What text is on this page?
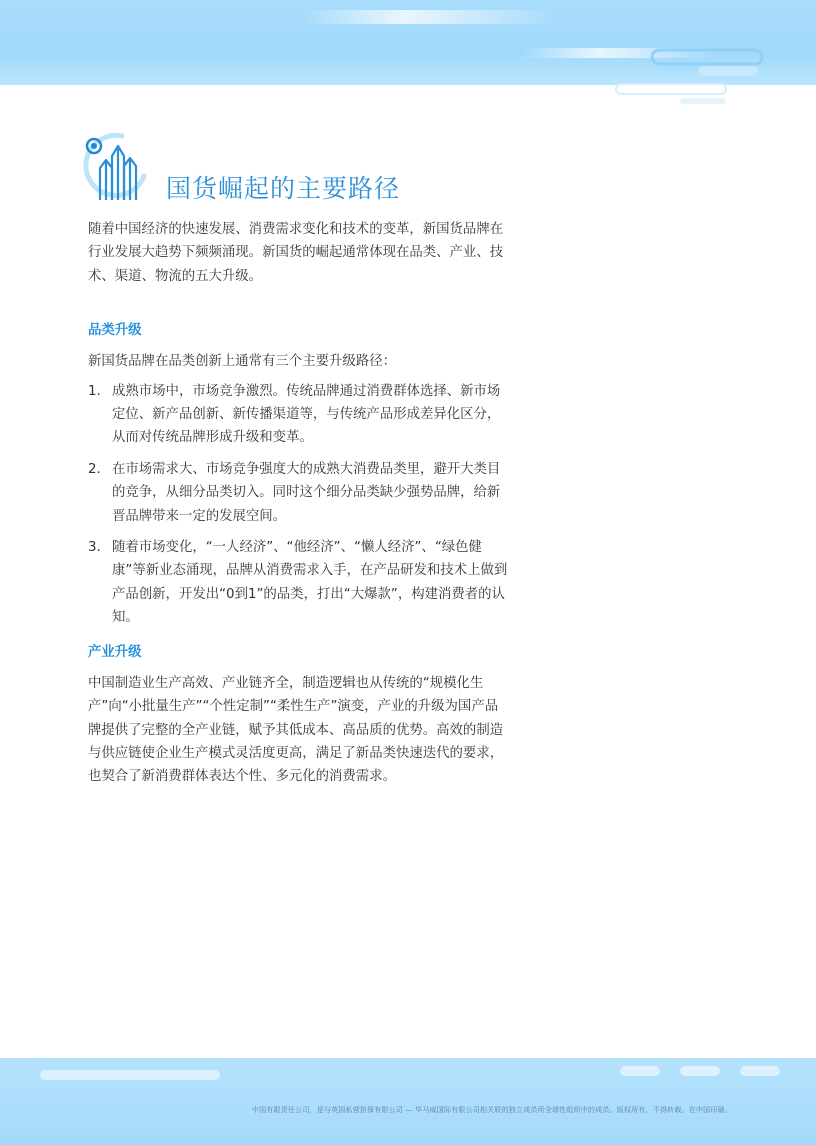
国货崛起的主要路径

随着中国经济的快速发展、消费需求变化和技术的变革，新国货品牌在行业发展大趋势下频频涌现。新国货的崛起通常体现在品类、产业、技术、渠道、物流的五大升级。

品类升级

新国货品牌在品类创新上通常有三个主要升级路径：

1. 成熟市场中，市场竞争激烈。传统品牌通过消费群体选择、新市场定位、新产品创新、新传播渠道等，与传统产品形成差异化区分，从而对传统品牌形成升级和变革。
2. 在市场需求大、市场竞争强度大的成熟大消费品类里，避开大类目的竞争，从细分品类切入。同时这个细分品类缺少强势品牌，给新晋品牌带来一定的发展空间。
3. 随着市场变化，“一人经济”、“他经济”、“懒人经济”、“绿色健康”等新业态涌现，品牌从消费需求入手，在产品研发和技术上做到产品创新，开发出“0到1”的品类，打出“大爆款”，构建消费者的认知。
产业升级

中国制造业生产高效、产业链齐全，制造逻辑也从传统的“规模化生产”向“小批量生产”“个性定制”“柔性生产”演变，产业的升级为国产品牌提供了完整的全产业链，赋予其低成本、高品质的优势。高效的制造与供应链使企业生产模式灵活度更高，满足了新品类快速迭代的要求，也契合了新消费群体表达个性、多元化的消费需求。

中国有限责任公司，是与英国私营担保有限公司 — 毕马威国际有限公司相关联的独立成员所全球性组织中的成员。版权所有，不得转载。在中国印刷。
